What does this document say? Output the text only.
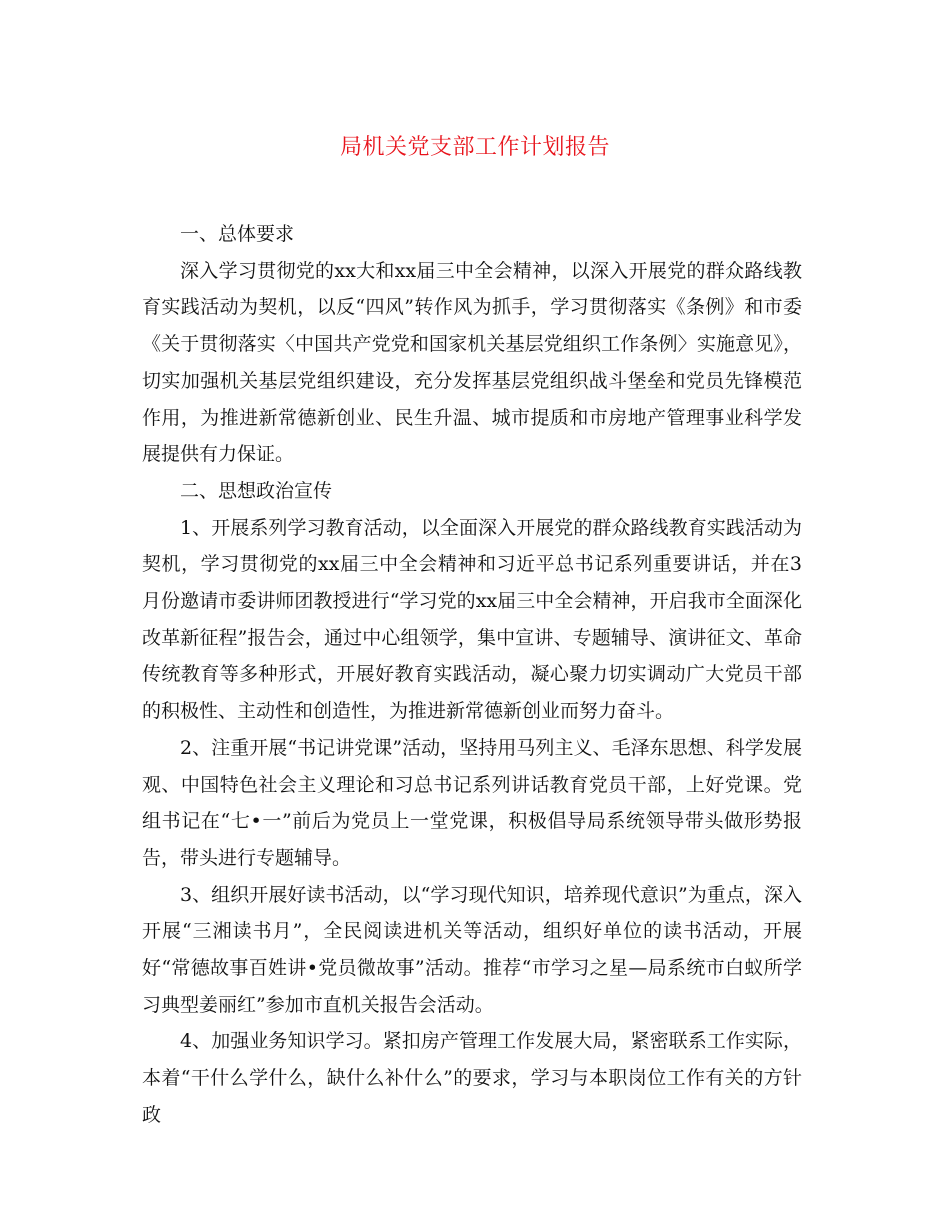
局机关党支部工作计划报告

一、总体要求

深入学习贯彻党的xx大和xx届三中全会精神，以深入开展党的群众路线教育实践活动为契机，以反“四风”转作风为抓手，学习贯彻落实《条例》和市委《关于贯彻落实〈中国共产党党和国家机关基层党组织工作条例〉实施意见》，切实加强机关基层党组织建设，充分发挥基层党组织战斗堡垒和党员先锋模范作用，为推进新常德新创业、民生升温、城市提质和市房地产管理事业科学发展提供有力保证。

二、思想政治宣传

1、开展系列学习教育活动，以全面深入开展党的群众路线教育实践活动为契机，学习贯彻党的xx届三中全会精神和习近平总书记系列重要讲话，并在3月份邀请市委讲师团教授进行“学习党的xx届三中全会精神，开启我市全面深化改革新征程”报告会，通过中心组领学，集中宣讲、专题辅导、演讲征文、革命传统教育等多种形式，开展好教育实践活动，凝心聚力切实调动广大党员干部的积极性、主动性和创造性，为推进新常德新创业而努力奋斗。

2、注重开展“书记讲党课”活动，坚持用马列主义、毛泽东思想、科学发展观、中国特色社会主义理论和习总书记系列讲话教育党员干部，上好党课。党组书记在“七•一”前后为党员上一堂党课，积极倡导局系统领导带头做形势报告，带头进行专题辅导。

3、组织开展好读书活动，以“学习现代知识，培养现代意识”为重点，深入开展“三湘读书月”，全民阅读进机关等活动，组织好单位的读书活动，开展好“常德故事百姓讲•党员微故事”活动。推荐“市学习之星—局系统市白蚁所学习典型姜丽红”参加市直机关报告会活动。

4、加强业务知识学习。紧扣房产管理工作发展大局，紧密联系工作实际，本着“干什么学什么，缺什么补什么”的要求，学习与本职岗位工作有关的方针政
